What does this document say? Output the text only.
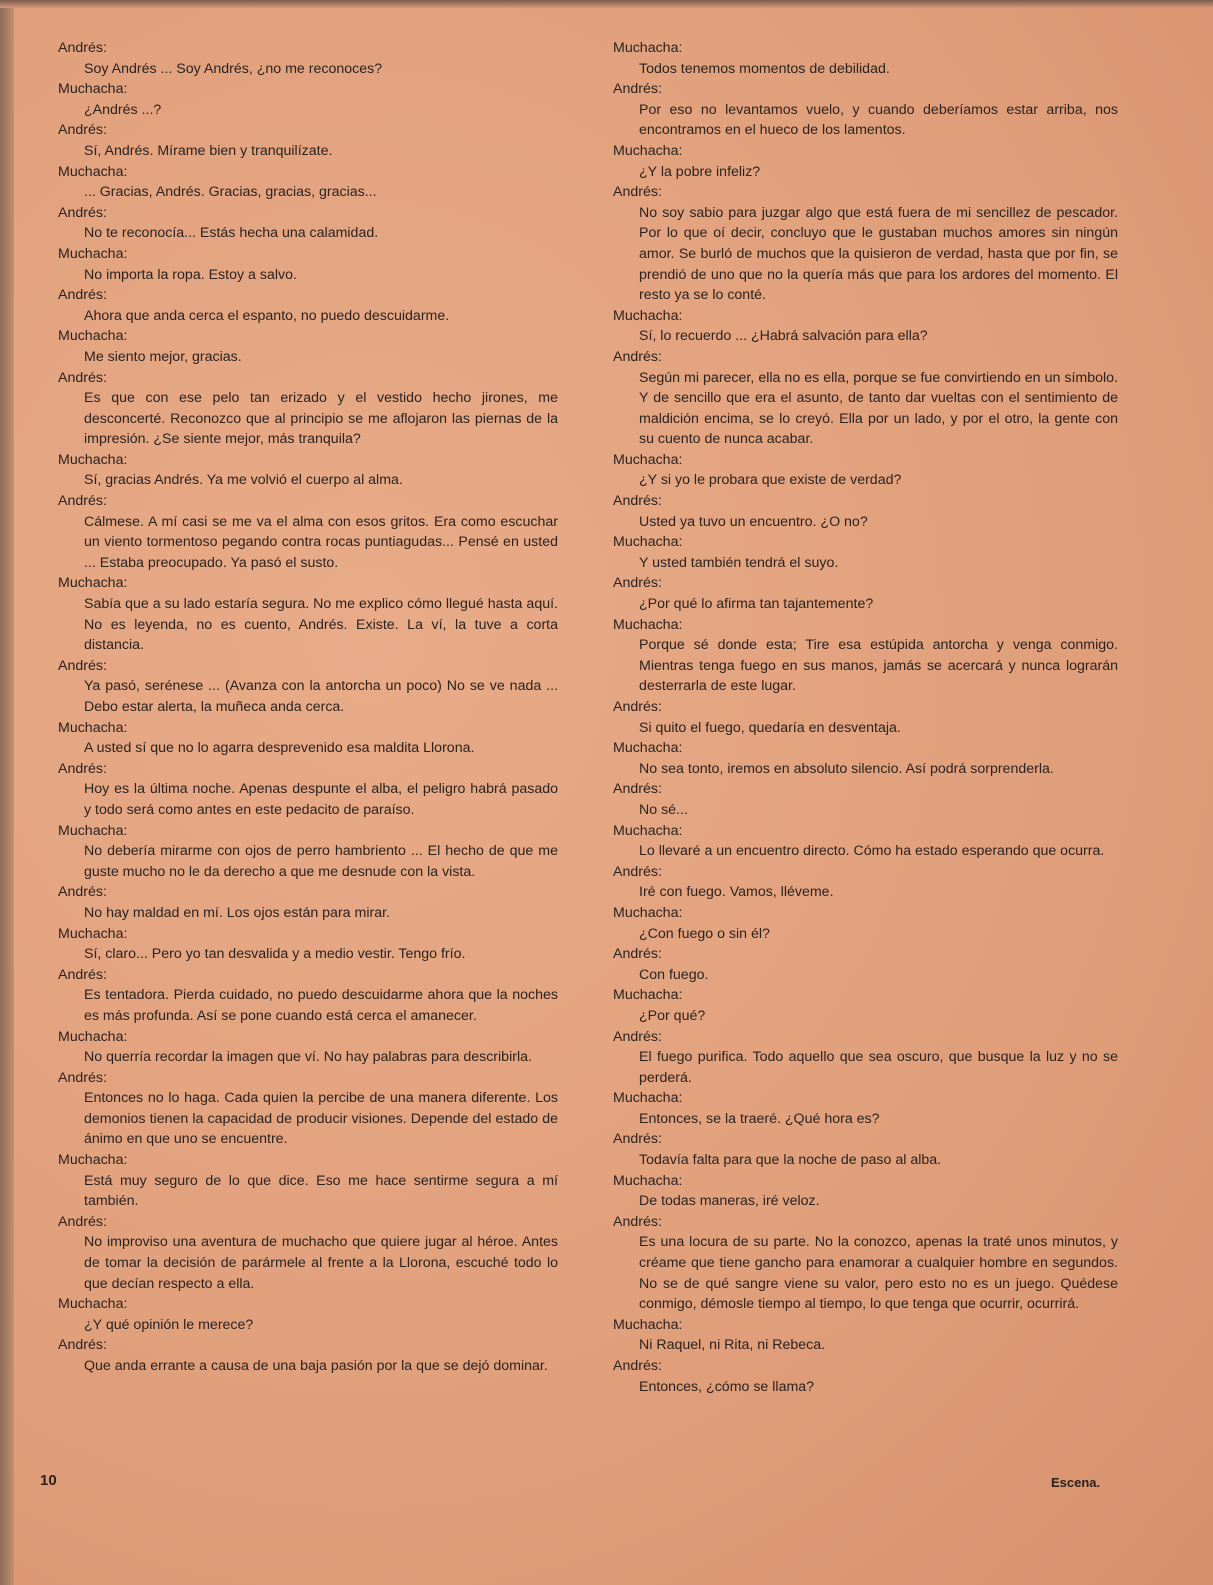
Andrés:
Soy Andrés ... Soy Andrés, ¿no me reconoces?
Muchacha:
¿Andrés ...?
Andrés:
Sí, Andrés. Mírame bien y tranquilízate.
Muchacha:
... Gracias, Andrés. Gracias, gracias, gracias...
Andrés:
No te reconocía... Estás hecha una calamidad.
Muchacha:
No importa la ropa. Estoy a salvo.
Andrés:
Ahora que anda cerca el espanto, no puedo descuidarme.
Muchacha:
Me siento mejor, gracias.
Andrés:
Es que con ese pelo tan erizado y el vestido hecho jirones, me desconcerté. Reconozco que al principio se me aflojaron las piernas de la impresión. ¿Se siente mejor, más tranquila?
Muchacha:
Sí, gracias Andrés. Ya me volvió el cuerpo al alma.
Andrés:
Cálmese. A mí casi se me va el alma con esos gritos. Era como escuchar un viento tormentoso pegando contra rocas puntiagudas... Pensé en usted ... Estaba preocupado. Ya pasó el susto.
Muchacha:
Sabía que a su lado estaría segura. No me explico cómo llegué hasta aquí. No es leyenda, no es cuento, Andrés. Existe. La ví, la tuve a corta distancia.
Andrés:
Ya pasó, serénese ... (Avanza con la antorcha un poco) No se ve nada ... Debo estar alerta, la muñeca anda cerca.
Muchacha:
A usted sí que no lo agarra desprevenido esa maldita Llorona.
Andrés:
Hoy es la última noche. Apenas despunte el alba, el peligro habrá pasado y todo será como antes en este pedacito de paraíso.
Muchacha:
No debería mirarme con ojos de perro hambriento ... El hecho de que me guste mucho no le da derecho a que me desnude con la vista.
Andrés:
No hay maldad en mí. Los ojos están para mirar.
Muchacha:
Sí, claro... Pero yo tan desvalida y a medio vestir. Tengo frío.
Andrés:
Es tentadora. Pierda cuidado, no puedo descuidarme ahora que la noches es más profunda. Así se pone cuando está cerca el amanecer.
Muchacha:
No querría recordar la imagen que ví. No hay palabras para describirla.
Andrés:
Entonces no lo haga. Cada quien la percibe de una manera diferente. Los demonios tienen la capacidad de producir visiones. Depende del estado de ánimo en que uno se encuentre.
Muchacha:
Está muy seguro de lo que dice. Eso me hace sentirme segura a mí también.
Andrés:
No improviso una aventura de muchacho que quiere jugar al héroe. Antes de tomar la decisión de parármele al frente a la Llorona, escuché todo lo que decían respecto a ella.
Muchacha:
¿Y qué opinión le merece?
Andrés:
Que anda errante a causa de una baja pasión por la que se dejó dominar.
Muchacha:
Todos tenemos momentos de debilidad.
Andrés:
Por eso no levantamos vuelo, y cuando deberíamos estar arriba, nos encontramos en el hueco de los lamentos.
Muchacha:
¿Y la pobre infeliz?
Andrés:
No soy sabio para juzgar algo que está fuera de mi sencillez de pescador. Por lo que oí decir, concluyo que le gustaban muchos amores sin ningún amor. Se burló de muchos que la quisieron de verdad, hasta que por fin, se prendió de uno que no la quería más que para los ardores del momento. El resto ya se lo conté.
Muchacha:
Sí, lo recuerdo ... ¿Habrá salvación para ella?
Andrés:
Según mi parecer, ella no es ella, porque se fue convirtiendo en un símbolo. Y de sencillo que era el asunto, de tanto dar vueltas con el sentimiento de maldición encima, se lo creyó. Ella por un lado, y por el otro, la gente con su cuento de nunca acabar.
Muchacha:
¿Y si yo le probara que existe de verdad?
Andrés:
Usted ya tuvo un encuentro. ¿O no?
Muchacha:
Y usted también tendrá el suyo.
Andrés:
¿Por qué lo afirma tan tajantemente?
Muchacha:
Porque sé donde esta; Tire esa estúpida antorcha y venga conmigo. Mientras tenga fuego en sus manos, jamás se acercará y nunca lograrán desterrarla de este lugar.
Andrés:
Si quito el fuego, quedaría en desventaja.
Muchacha:
No sea tonto, iremos en absoluto silencio. Así podrá sorprenderla.
Andrés:
No sé...
Muchacha:
Lo llevaré a un encuentro directo. Cómo ha estado esperando que ocurra.
Andrés:
Iré con fuego. Vamos, lléveme.
Muchacha:
¿Con fuego o sin él?
Andrés:
Con fuego.
Muchacha:
¿Por qué?
Andrés:
El fuego purifica. Todo aquello que sea oscuro, que busque la luz y no se perderá.
Muchacha:
Entonces, se la traeré. ¿Qué hora es?
Andrés:
Todavía falta para que la noche de paso al alba.
Muchacha:
De todas maneras, iré veloz.
Andrés:
Es una locura de su parte. No la conozco, apenas la traté unos minutos, y créame que tiene gancho para enamorar a cualquier hombre en segundos. No se de qué sangre viene su valor, pero esto no es un juego. Quédese conmigo, démosle tiempo al tiempo, lo que tenga que ocurrir, ocurrirá.
Muchacha:
Ni Raquel, ni Rita, ni Rebeca.
Andrés:
Entonces, ¿cómo se llama?
10	Escena.
